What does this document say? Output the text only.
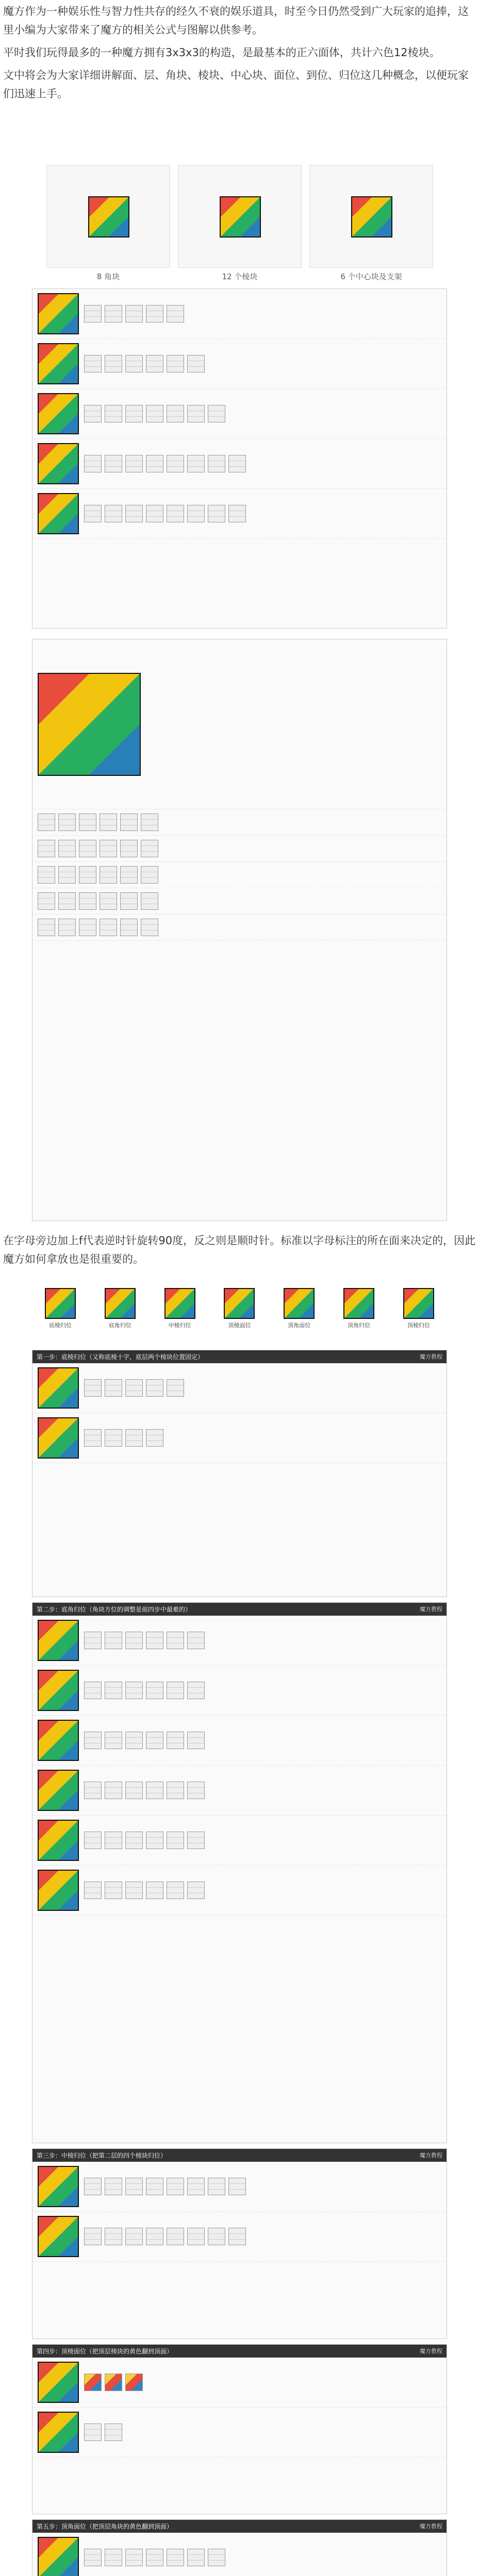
魔方作为一种娱乐性与智力性共存的经久不衰的娱乐道具，时至今日仍然受到广大玩家的追捧，这里小编为大家带来了魔方的相关公式与图解以供参考。

平时我们玩得最多的一种魔方拥有3x3x3的构造，是最基本的正六面体，共计六色12棱块。

文中将会为大家详细讲解面、层、角块、棱块、中心块、面位、到位、归位这几种概念，以便玩家们迅速上手。

8 角块	12 个棱块	6 个中心块及支架

在字母旁边加上f代表逆时针旋转90度，反之则是顺时针。标准以字母标注的所在面来决定的，因此魔方如何拿放也是很重要的。

底棱归位	底角归位	中棱归位	顶棱面位	顶角面位	顶角归位	顶棱归位
第一步：底棱归位（又称底棱十字，底层两个棱块位置固定）	魔方教程
第二步：底角归位（角块方位的调整是前四步中最难的）	魔方教程
第三步：中棱归位（把第二层的四个棱块归位）	魔方教程
第四步：顶棱面位（把顶层棱块的黄色翻到顶面）	魔方教程
第五步：顶角面位（把顶层角块的黄色翻到顶面）	魔方教程
